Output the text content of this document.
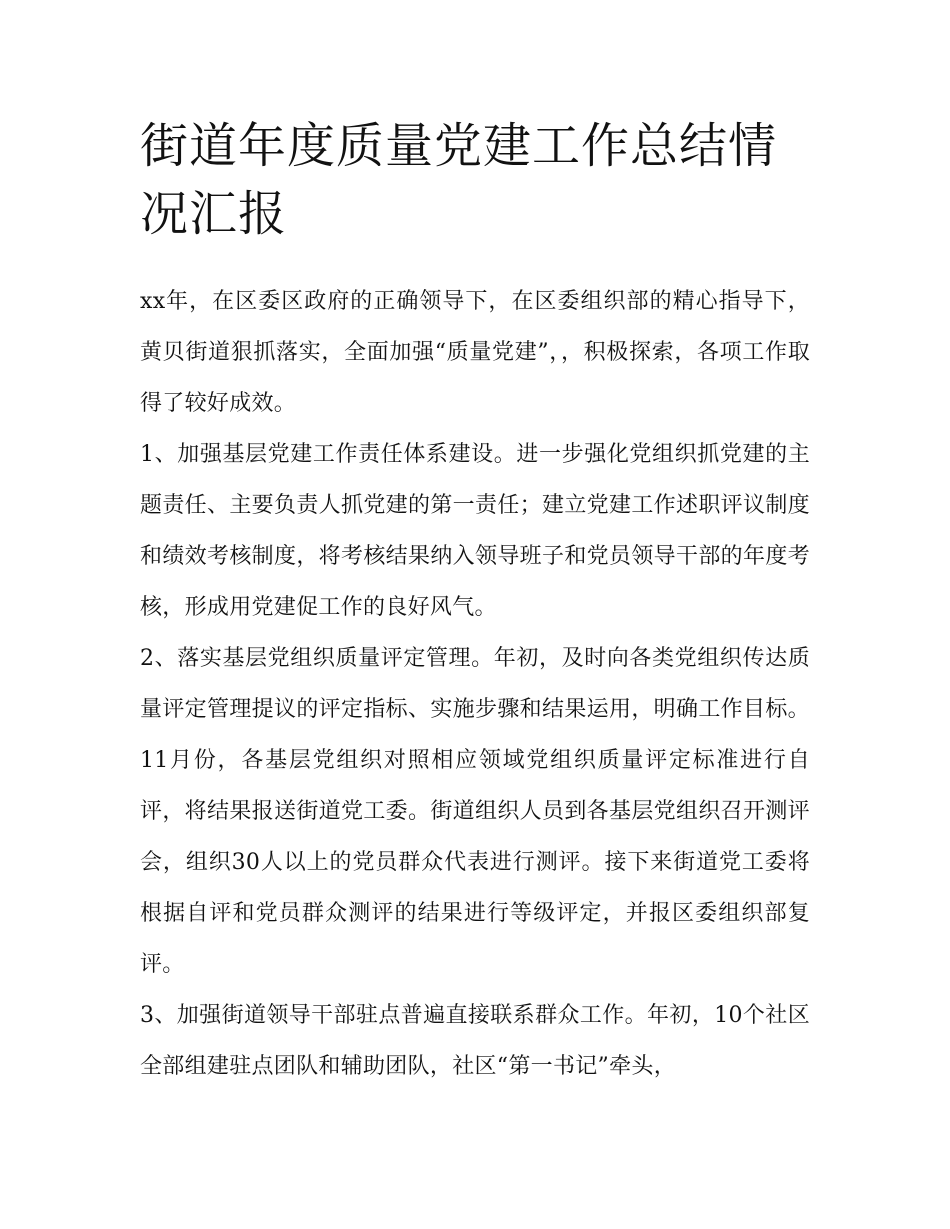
街道年度质量党建工作总结情况汇报

xx年，在区委区政府的正确领导下，在区委组织部的精心指导下，黄贝街道狠抓落实，全面加强“质量党建”，，积极探索，各项工作取得了较好成效。

1、加强基层党建工作责任体系建设。进一步强化党组织抓党建的主题责任、主要负责人抓党建的第一责任；建立党建工作述职评议制度和绩效考核制度，将考核结果纳入领导班子和党员领导干部的年度考核，形成用党建促工作的良好风气。

2、落实基层党组织质量评定管理。年初，及时向各类党组织传达质量评定管理提议的评定指标、实施步骤和结果运用，明确工作目标。11月份，各基层党组织对照相应领域党组织质量评定标准进行自评，将结果报送街道党工委。街道组织人员到各基层党组织召开测评会，组织30人以上的党员群众代表进行测评。接下来街道党工委将根据自评和党员群众测评的结果进行等级评定，并报区委组织部复评。

3、加强街道领导干部驻点普遍直接联系群众工作。年初，10个社区全部组建驻点团队和辅助团队，社区“第一书记”牵头，
